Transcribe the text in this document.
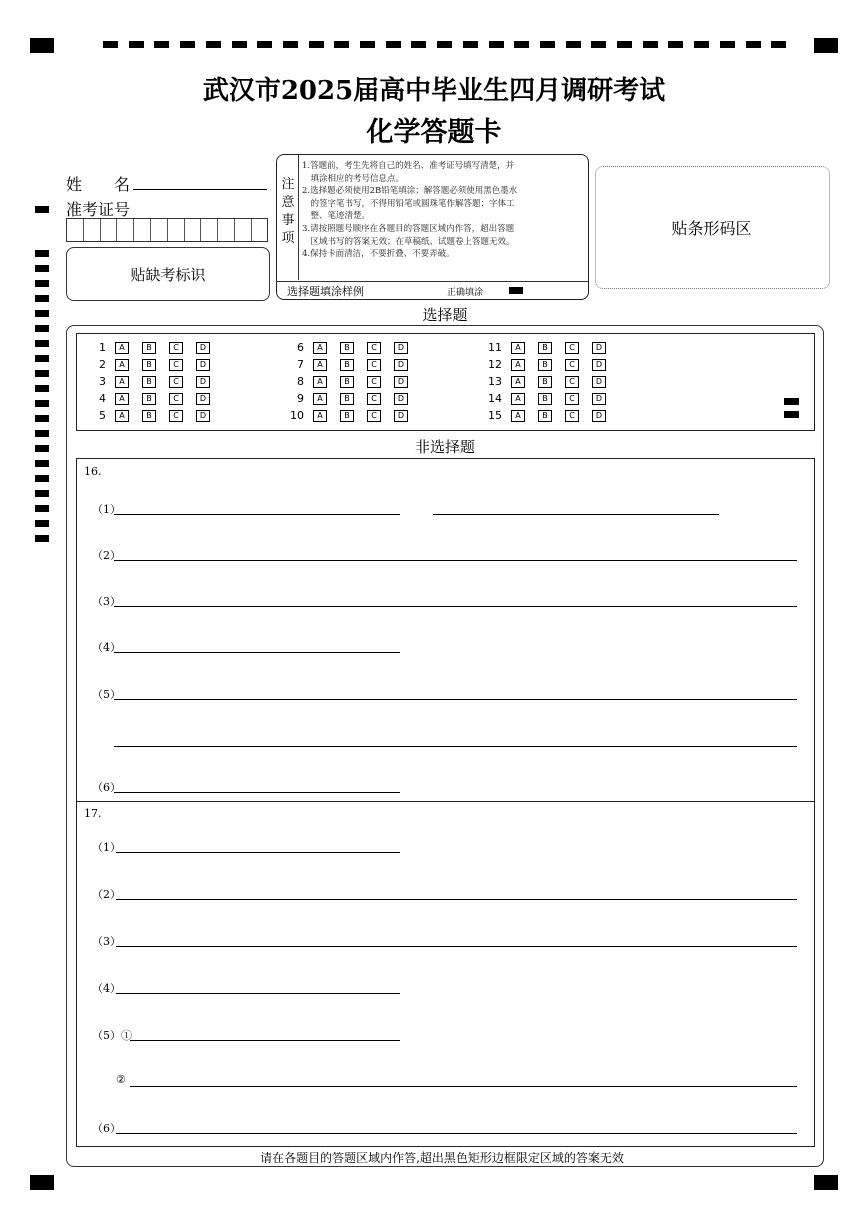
武汉市2025届高中毕业生四月调研考试
化学答题卡
姓　　名
准考证号
贴缺考标识
注
意
事
项
选择题填涂样例	正确填涂
贴条形码区
选择题
非选择题
16.
17.
请在各题目的答题区域内作答,超出黑色矩形边框限定区域的答案无效
1.答题前，考生先将自己的姓名、准考证号填写清楚，并
　填涂相应的考号信息点。
2.选择题必须使用2B铅笔填涂；解答题必须使用黑色墨水
　的签字笔书写，不得用铅笔或圆珠笔作解答题；字体工
　整、笔迹清楚。
3.请按照题号顺序在各题目的答题区域内作答，超出答题
　区域书写的答案无效；在草稿纸、试题卷上答题无效。
4.保持卡面清洁，不要折叠、不要弄破。
1	A	B	C	D
2	A	B	C	D
3	A	B	C	D
4	A	B	C	D
5	A	B	C	D
6	A	B	C	D
7	A	B	C	D
8	A	B	C	D
9	A	B	C	D
10	A	B	C	D
11	A	B	C	D
12	A	B	C	D
13	A	B	C	D
14	A	B	C	D
15	A	B	C	D
（1）
（2）
（3）
（4）
（5）
（6）
（1）
（2）
（3）
（4）
（5）①
②
（6）
